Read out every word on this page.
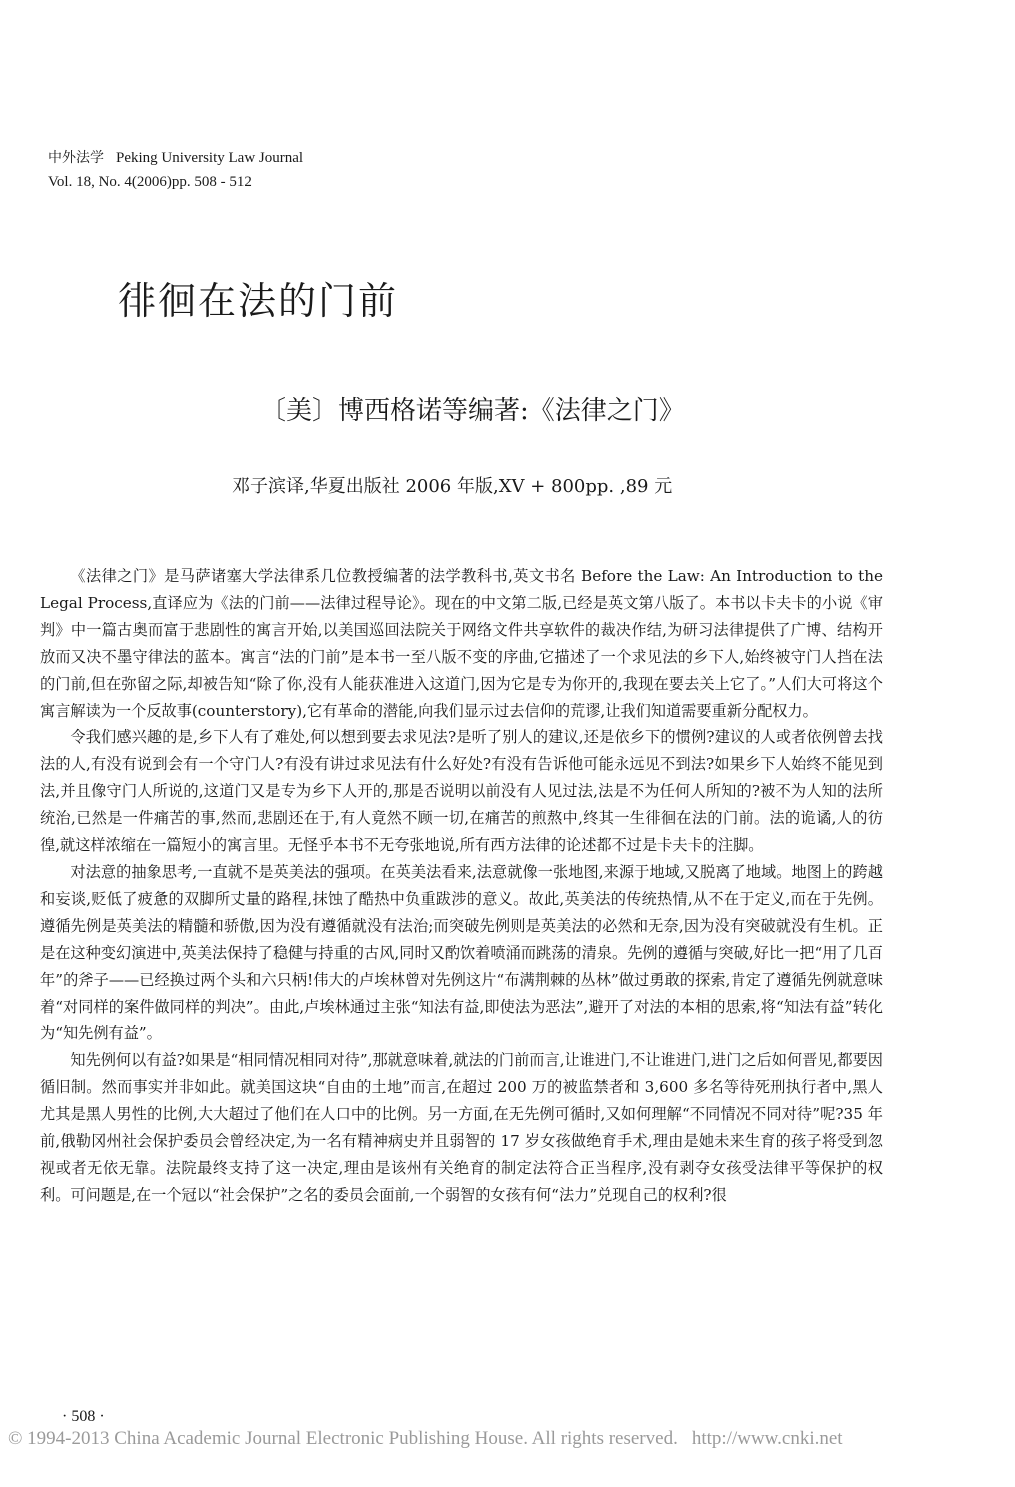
中外法学 Peking University Law Journal
Vol. 18, No. 4(2006)pp. 508 - 512
徘徊在法的门前
〔美〕博西格诺等编著:《法律之门》
邓子滨译,华夏出版社 2006 年版,XV + 800pp. ,89 元

《法律之门》是马萨诸塞大学法律系几位教授编著的法学教科书,英文书名 Before the Law: An Introduction to the Legal Process,直译应为《法的门前——法律过程导论》。现在的中文第二版,已经是英文第八版了。本书以卡夫卡的小说《审判》中一篇古奥而富于悲剧性的寓言开始,以美国巡回法院关于网络文件共享软件的裁决作结,为研习法律提供了广博、结构开放而又决不墨守律法的蓝本。寓言“法的门前”是本书一至八版不变的序曲,它描述了一个求见法的乡下人,始终被守门人挡在法的门前,但在弥留之际,却被告知“除了你,没有人能获准进入这道门,因为它是专为你开的,我现在要去关上它了。”人们大可将这个寓言解读为一个反故事(counterstory),它有革命的潜能,向我们显示过去信仰的荒谬,让我们知道需要重新分配权力。

令我们感兴趣的是,乡下人有了难处,何以想到要去求见法?是听了别人的建议,还是依乡下的惯例?建议的人或者依例曾去找法的人,有没有说到会有一个守门人?有没有讲过求见法有什么好处?有没有告诉他可能永远见不到法?如果乡下人始终不能见到法,并且像守门人所说的,这道门又是专为乡下人开的,那是否说明以前没有人见过法,法是不为任何人所知的?被不为人知的法所统治,已然是一件痛苦的事,然而,悲剧还在于,有人竟然不顾一切,在痛苦的煎熬中,终其一生徘徊在法的门前。法的诡谲,人的彷徨,就这样浓缩在一篇短小的寓言里。无怪乎本书不无夸张地说,所有西方法律的论述都不过是卡夫卡的注脚。

对法意的抽象思考,一直就不是英美法的强项。在英美法看来,法意就像一张地图,来源于地域,又脱离了地域。地图上的跨越和妄谈,贬低了疲惫的双脚所丈量的路程,抹蚀了酷热中负重跋涉的意义。故此,英美法的传统热情,从不在于定义,而在于先例。遵循先例是英美法的精髓和骄傲,因为没有遵循就没有法治;而突破先例则是英美法的必然和无奈,因为没有突破就没有生机。正是在这种变幻演进中,英美法保持了稳健与持重的古风,同时又酌饮着喷涌而跳荡的清泉。先例的遵循与突破,好比一把“用了几百年”的斧子——已经换过两个头和六只柄!伟大的卢埃林曾对先例这片“布满荆棘的丛林”做过勇敢的探索,肯定了遵循先例就意味着“对同样的案件做同样的判决”。由此,卢埃林通过主张“知法有益,即使法为恶法”,避开了对法的本相的思索,将“知法有益”转化为“知先例有益”。

知先例何以有益?如果是“相同情况相同对待”,那就意味着,就法的门前而言,让谁进门,不让谁进门,进门之后如何晋见,都要因循旧制。然而事实并非如此。就美国这块“自由的土地”而言,在超过 200 万的被监禁者和 3,600 多名等待死刑执行者中,黑人尤其是黑人男性的比例,大大超过了他们在人口中的比例。另一方面,在无先例可循时,又如何理解“不同情况不同对待”呢?35 年前,俄勒冈州社会保护委员会曾经决定,为一名有精神病史并且弱智的 17 岁女孩做绝育手术,理由是她未来生育的孩子将受到忽视或者无依无靠。法院最终支持了这一决定,理由是该州有关绝育的制定法符合正当程序,没有剥夺女孩受法律平等保护的权利。可问题是,在一个冠以“社会保护”之名的委员会面前,一个弱智的女孩有何“法力”兑现自己的权利?很

· 508 ·
© 1994-2013 China Academic Journal Electronic Publishing House. All rights reserved. http://www.cnki.net
